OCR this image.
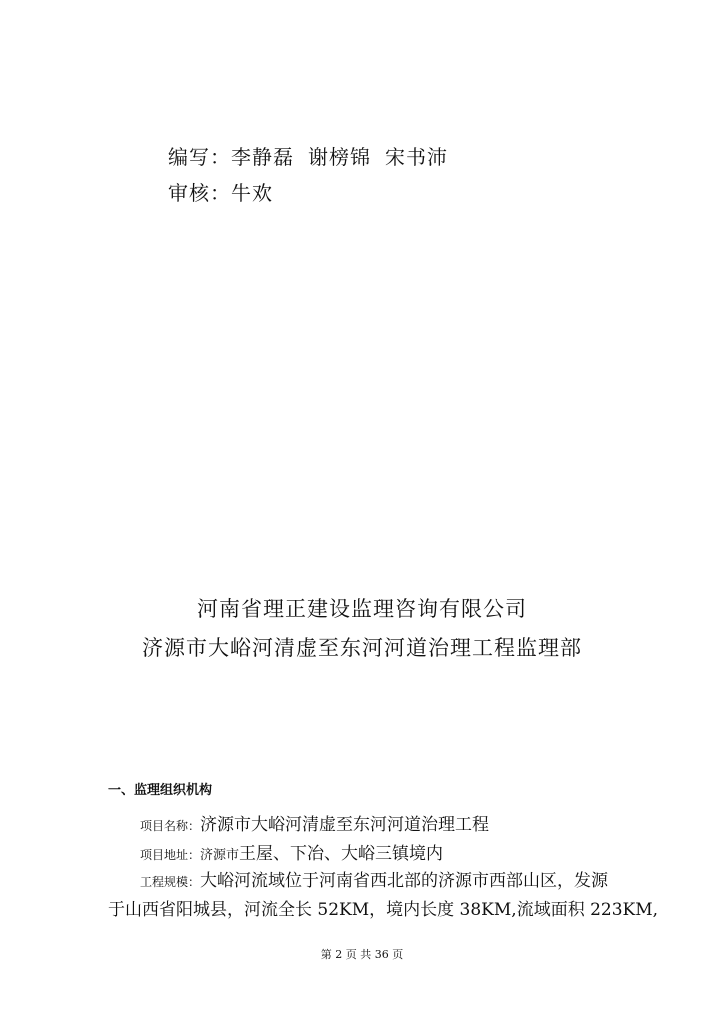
编写：李静磊 谢榜锦 宋书沛
审核：牛欢
河南省理正建设监理咨询有限公司
济源市大峪河清虚至东河河道治理工程监理部
一、监理组织机构
项目名称：济源市大峪河清虚至东河河道治理工程
项目地址：济源市王屋、下冶、大峪三镇境内
工程规模：大峪河流域位于河南省西北部的济源市西部山区，发源
于山西省阳城县，河流全长 52KM，境内长度 38KM,流域面积 223KM,
第 2 页 共 36 页
